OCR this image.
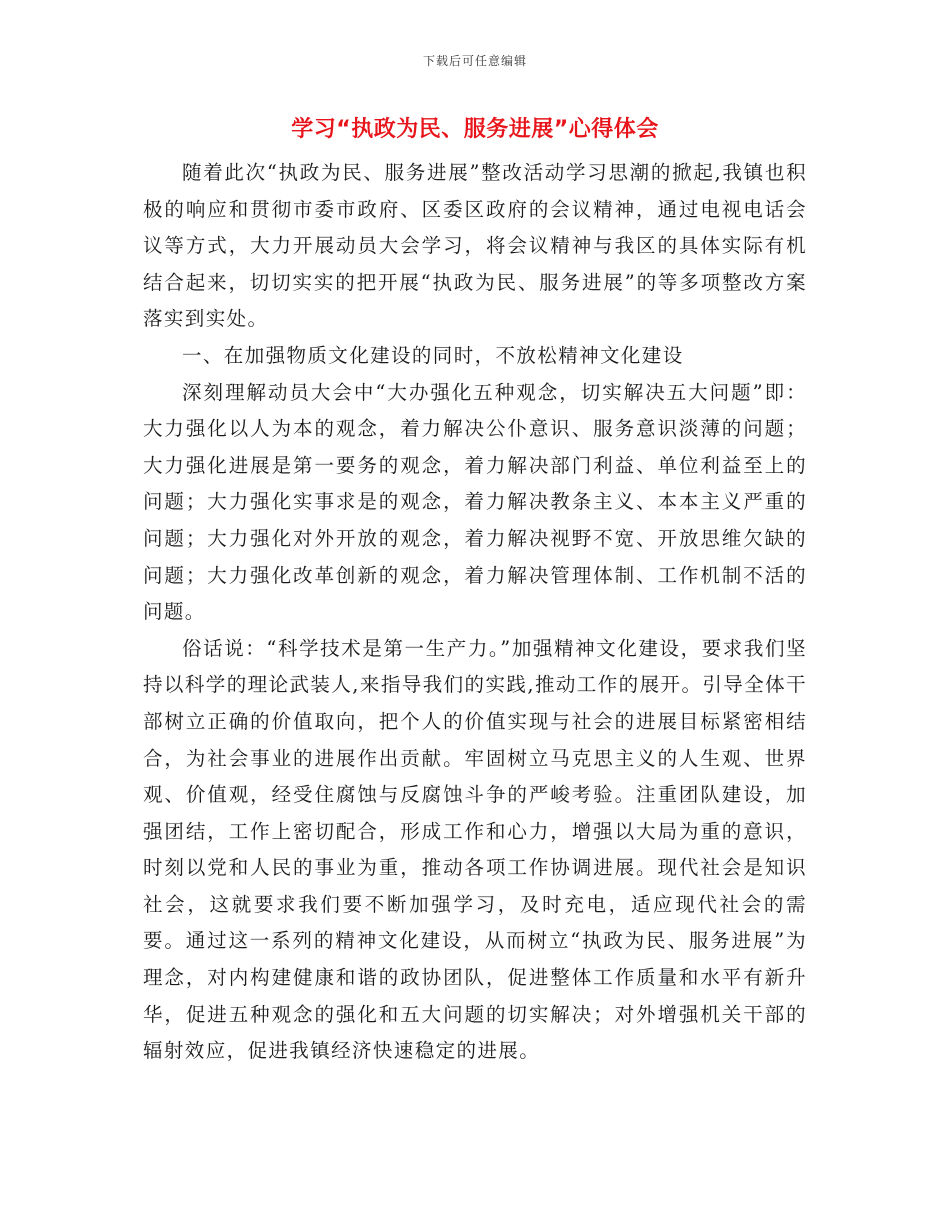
下载后可任意编辑
学习“执政为民、服务进展”心得体会

随着此次“执政为民、服务进展”整改活动学习思潮的掀起,我镇也积极的响应和贯彻市委市政府、区委区政府的会议精神，通过电视电话会议等方式，大力开展动员大会学习，将会议精神与我区的具体实际有机结合起来，切切实实的把开展“执政为民、服务进展”的等多项整改方案落实到实处。

一、在加强物质文化建设的同时，不放松精神文化建设

深刻理解动员大会中“大办强化五种观念，切实解决五大问题”即：大力强化以人为本的观念，着力解决公仆意识、服务意识淡薄的问题；大力强化进展是第一要务的观念，着力解决部门利益、单位利益至上的问题；大力强化实事求是的观念，着力解决教条主义、本本主义严重的问题；大力强化对外开放的观念，着力解决视野不宽、开放思维欠缺的问题；大力强化改革创新的观念，着力解决管理体制、工作机制不活的问题。

俗话说：“科学技术是第一生产力。”加强精神文化建设，要求我们坚持以科学的理论武装人,来指导我们的实践,推动工作的展开。引导全体干部树立正确的价值取向，把个人的价值实现与社会的进展目标紧密相结合，为社会事业的进展作出贡献。牢固树立马克思主义的人生观、世界观、价值观，经受住腐蚀与反腐蚀斗争的严峻考验。注重团队建设，加强团结，工作上密切配合，形成工作和心力，增强以大局为重的意识，时刻以党和人民的事业为重，推动各项工作协调进展。现代社会是知识社会，这就要求我们要不断加强学习，及时充电，适应现代社会的需要。通过这一系列的精神文化建设，从而树立“执政为民、服务进展”为理念，对内构建健康和谐的政协团队，促进整体工作质量和水平有新升华，促进五种观念的强化和五大问题的切实解决；对外增强机关干部的辐射效应，促进我镇经济快速稳定的进展。
